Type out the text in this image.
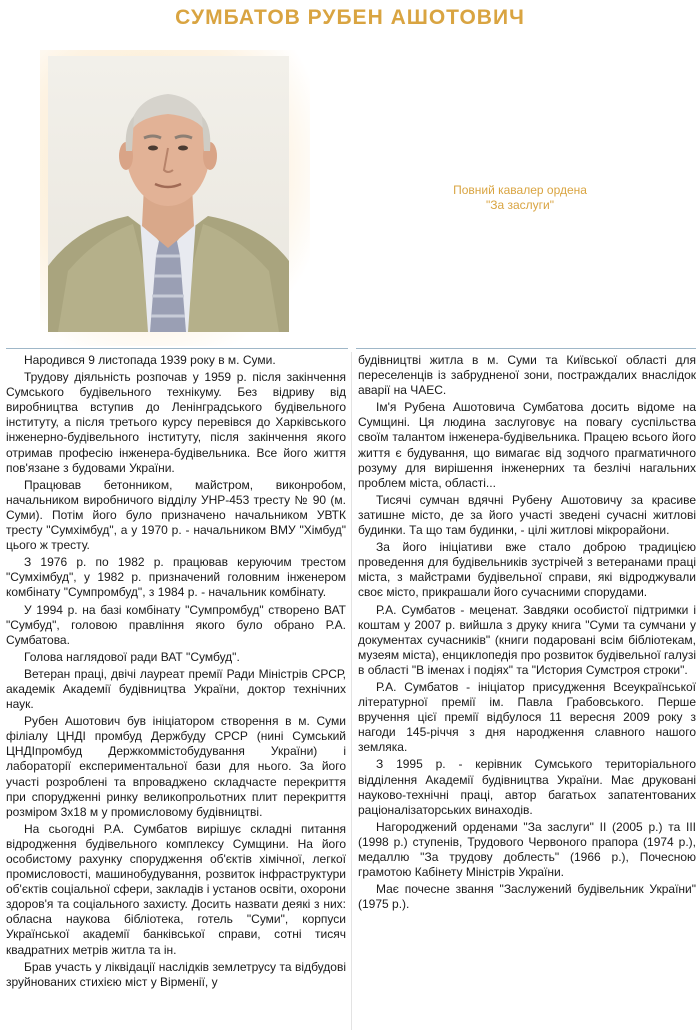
СУМБАТОВ РУБЕН АШОТОВИЧ
Повний кавалер ордена
"За заслуги"

Народився 9 листопада 1939 року в м. Суми.

Трудову діяльність розпочав у 1959 р. після закінчення Сумського будівельного технікуму. Без відриву від виробництва вступив до Ленінградського будівельного інституту, а після третього курсу перевівся до Харківського інженерно-будівельного інституту, після закінчення якого отримав професію інженера-будівельника. Все його життя пов'язане з будовами України.

Працював бетонником, майстром, виконробом, начальником виробничого відділу УНР-453 тресту № 90 (м. Суми). Потім його було призначено начальником УВТК тресту "Сумхімбуд", а у 1970 р. - начальником ВМУ "Хімбуд" цього ж тресту.

З 1976 р. по 1982 р. працював керуючим трестом "Сумхімбуд", у 1982 р. призначений головним інженером комбінату "Сумпромбуд", з 1984 р. - начальник комбінату.

У 1994 р. на базі комбінату "Сумпромбуд" створено ВАТ "Сумбуд", головою правління якого було обрано Р.А. Сумбатова.

Голова наглядової ради ВАТ "Сумбуд".

Ветеран праці, двічі лауреат премії Ради Міністрів СРСР, академік Академії будівництва України, доктор технічних наук.

Рубен Ашотович був ініціатором створення в м. Суми філіалу ЦНДІ промбуд Держбуду СРСР (нині Сумський ЦНДІпромбуд Держкоммістобудування України) і лабораторії експериментальної бази для нього. За його участі розроблені та впроваджено складчасте перекриття при спорудженні ринку великопрольотних плит перекриття розміром 3х18 м у промисловому будівництві.

На сьогодні Р.А. Сумбатов вирішує складні питання відродження будівельного комплексу Сумщини. На його особистому рахунку спорудження об'єктів хімічної, легкої промисловості, машинобудування, розвиток інфраструктури об'єктів соціальної сфери, закладів і установ освіти, охорони здоров'я та соціального захисту. Досить назвати деякі з них: обласна наукова бібліотека, готель "Суми", корпуси Української академії банківської справи, сотні тисяч квадратних метрів житла та ін.

Брав участь у ліквідації наслідків землетрусу та відбудові зруйнованих стихією міст у Вірменії, у

будівництві житла в м. Суми та Київської області для переселенців із забрудненої зони, постраждалих внаслідок аварії на ЧАЕС.

Ім'я Рубена Ашотовича Сумбатова досить відоме на Сумщині. Ця людина заслуговує на повагу суспільства своїм талантом інженера-будівельника. Працею всього його життя є будування, що вимагає від зодчого прагматичного розуму для вирішення інженерних та безлічі нагальних проблем міста, області...

Тисячі сумчан вдячні Рубену Ашотовичу за красиве затишне місто, де за його участі зведені сучасні житлові будинки. Та що там будинки, - цілі житлові мікрорайони.

За його ініціативи вже стало доброю традицією проведення для будівельників зустрічей з ветеранами праці міста, з майстрами будівельної справи, які відроджували своє місто, прикрашали його сучасними спорудами.

Р.А. Сумбатов - меценат. Завдяки особистої підтримки і коштам у 2007 р. вийшла з друку книга "Суми та сумчани у документах сучасників" (книги подаровані всім бібліотекам, музеям міста), енциклопедія про розвиток будівельної галузі в області "В іменах і подіях" та "История Сумстроя строки".

Р.А. Сумбатов - ініціатор присудження Всеукраїнської літературної премії ім. Павла Грабовського. Перше вручення цієї премії відбулося 11 вересня 2009 року з нагоди 145-річчя з дня народження славного нашого земляка.

З 1995 р. - керівник Сумського територіального відділення Академії будівництва України. Має друковані науково-технічні праці, автор багатьох запатентованих раціоналізаторських винаходів.

Нагороджений орденами "За заслуги" ІІ (2005 р.) та ІІІ (1998 р.) ступенів, Трудового Червоного прапора (1974 р.), медаллю "За трудову доблесть" (1966 р.), Почесною грамотою Кабінету Міністрів України.

Має почесне звання "Заслужений будівельник України" (1975 р.).
